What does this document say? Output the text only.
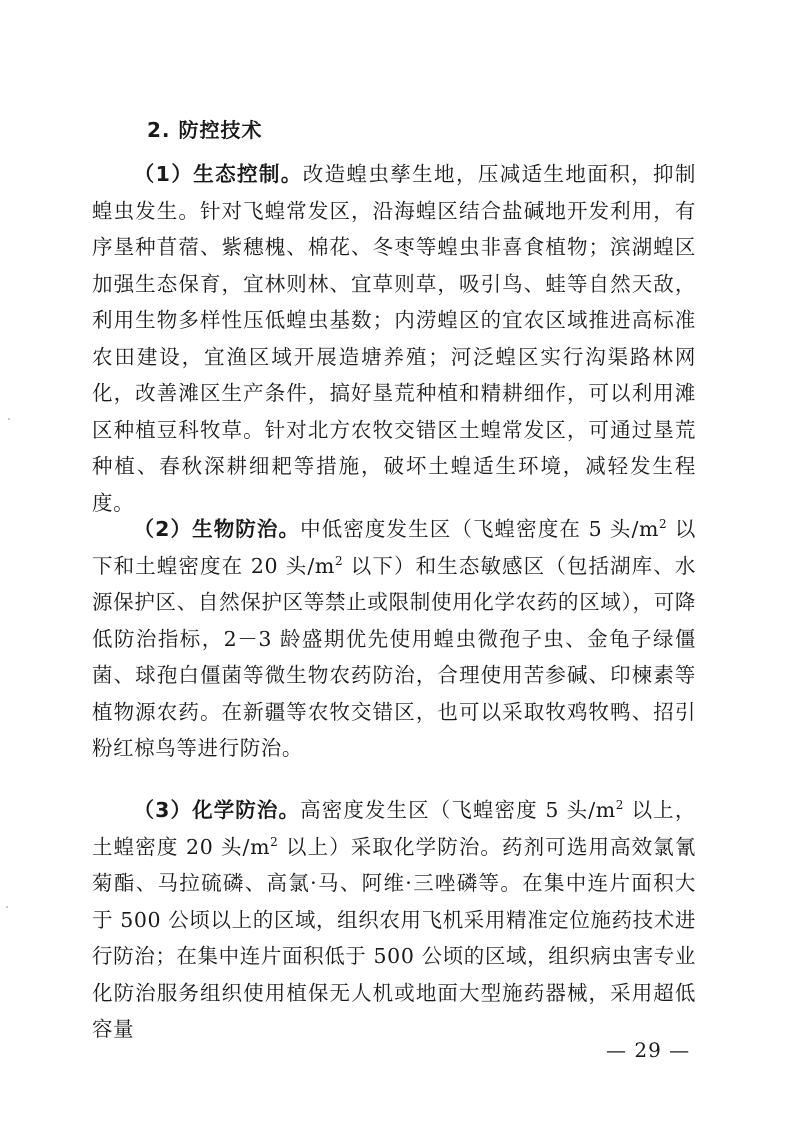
2. 防控技术

（1）生态控制。改造蝗虫孳生地，压减适生地面积，抑制蝗虫发生。针对飞蝗常发区，沿海蝗区结合盐碱地开发利用，有序垦种苜蓿、紫穗槐、棉花、冬枣等蝗虫非喜食植物；滨湖蝗区加强生态保育，宜林则林、宜草则草，吸引鸟、蛙等自然天敌，利用生物多样性压低蝗虫基数；内涝蝗区的宜农区域推进高标准农田建设，宜渔区域开展造塘养殖；河泛蝗区实行沟渠路林网化，改善滩区生产条件，搞好垦荒种植和精耕细作，可以利用滩区种植豆科牧草。针对北方农牧交错区土蝗常发区，可通过垦荒种植、春秋深耕细耙等措施，破坏土蝗适生环境，减轻发生程度。

（2）生物防治。中低密度发生区（飞蝗密度在 5 头$/m^2$ 以下和土蝗密度在 20 头$/m^2$ 以下）和生态敏感区（包括湖库、水源保护区、自然保护区等禁止或限制使用化学农药的区域），可降低防治指标，2－3 龄盛期优先使用蝗虫微孢子虫、金龟子绿僵菌、球孢白僵菌等微生物农药防治，合理使用苦参碱、印楝素等植物源农药。在新疆等农牧交错区，也可以采取牧鸡牧鸭、招引粉红椋鸟等进行防治。

（3）化学防治。高密度发生区（飞蝗密度 5 头$/m^2$ 以上，土蝗密度 20 头$/m^2$ 以上）采取化学防治。药剂可选用高效氯氰菊酯、马拉硫磷、高氯·马、阿维·三唑磷等。在集中连片面积大于 500 公顷以上的区域，组织农用飞机采用精准定位施药技术进行防治；在集中连片面积低于 500 公顷的区域，组织病虫害专业化防治服务组织使用植保无人机或地面大型施药器械，采用超低容量

— 29 —
